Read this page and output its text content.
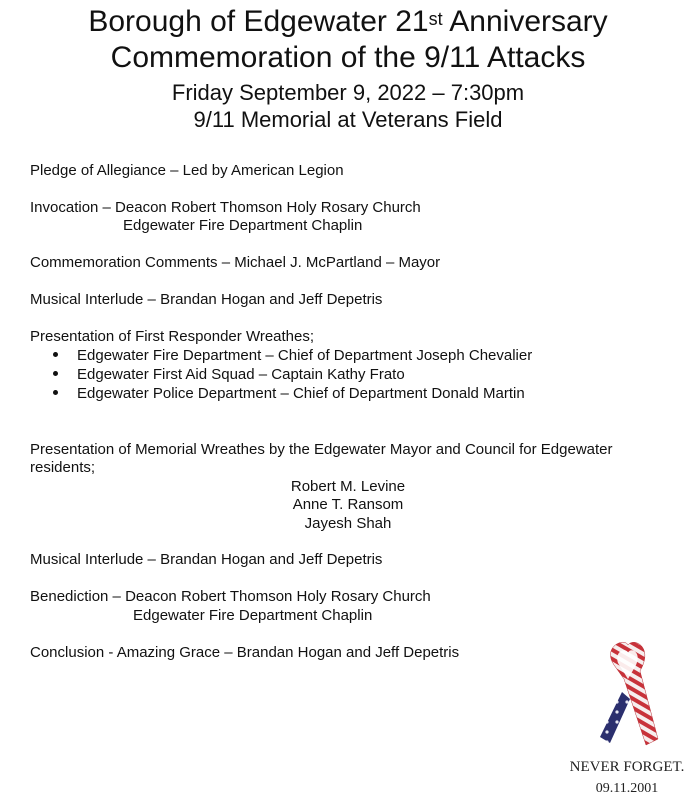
Borough of Edgewater 21st Anniversary
Commemoration of the 9/11 Attacks
Friday September 9, 2022 – 7:30pm
9/11 Memorial at Veterans Field
Pledge of Allegiance – Led by American Legion
Invocation – Deacon Robert Thomson Holy Rosary Church
Edgewater Fire Department Chaplin
Commemoration Comments – Michael J. McPartland – Mayor
Musical Interlude – Brandan Hogan and Jeff Depetris
Presentation of First Responder Wreathes;
Edgewater Fire Department – Chief of Department Joseph Chevalier
Edgewater First Aid Squad – Captain Kathy Frato
Edgewater Police Department – Chief of Department Donald Martin
Presentation of Memorial Wreathes by the Edgewater Mayor and Council for Edgewater
residents;
Robert M. Levine
Anne T. Ransom
Jayesh Shah
Musical Interlude – Brandan Hogan and Jeff Depetris
Benediction – Deacon Robert Thomson Holy Rosary Church
Edgewater Fire Department Chaplin
Conclusion - Amazing Grace – Brandan Hogan and Jeff Depetris
NEVER FORGET.
09.11.2001
